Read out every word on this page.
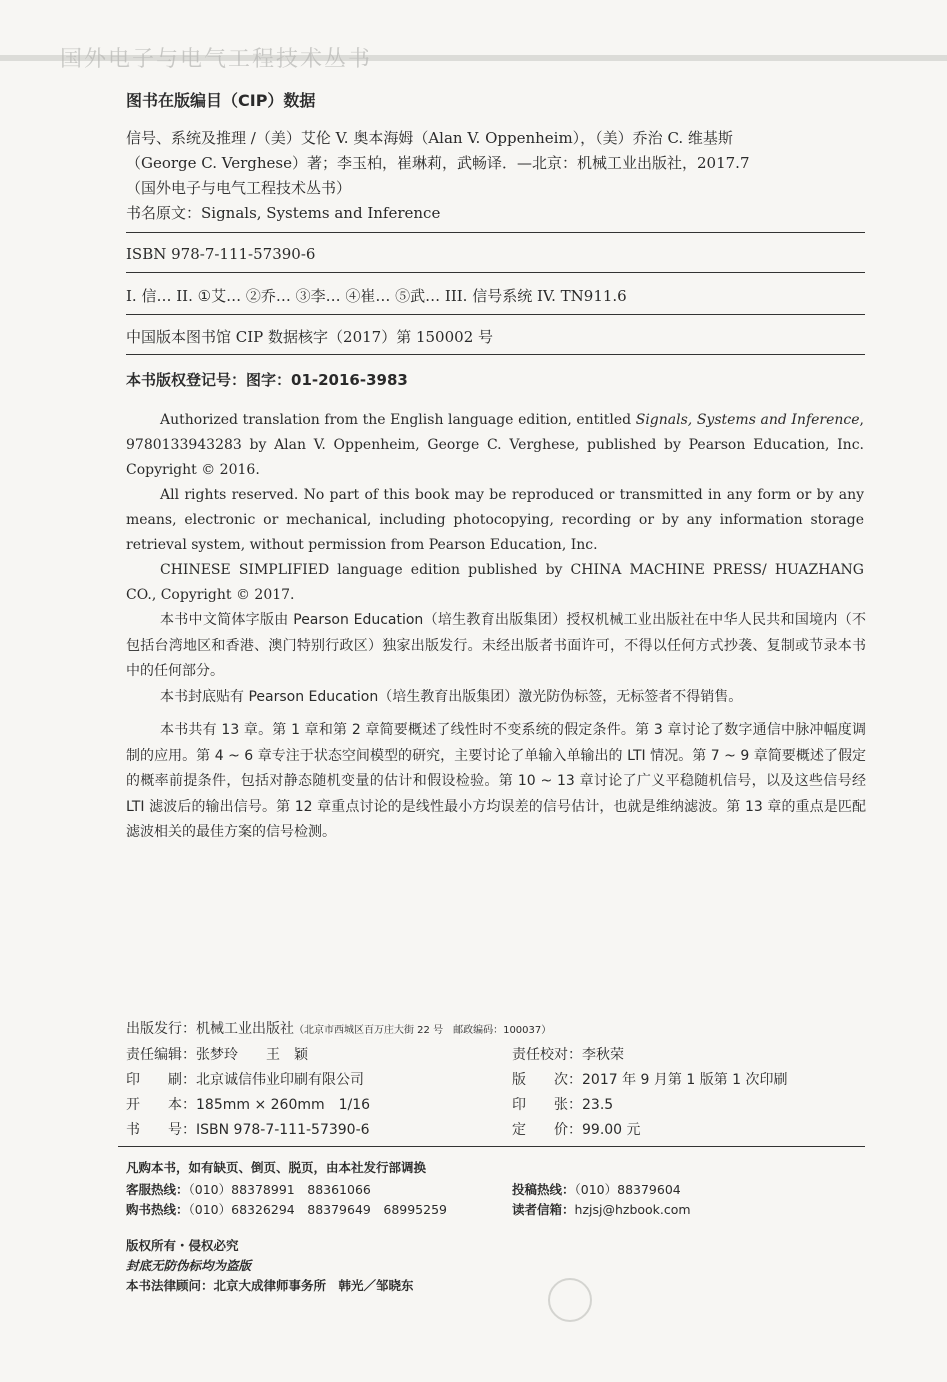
国外电子与电气工程技术丛书
图书在版编目（CIP）数据
信号、系统及推理 /（美）艾伦 V. 奥本海姆（Alan V. Oppenheim），（美）乔治 C. 维基斯
（George C. Verghese）著；李玉柏，崔琳莉，武畅译．—北京：机械工业出版社，2017.7
（国外电子与电气工程技术丛书）
书名原文：Signals, Systems and Inference
ISBN 978-7-111-57390-6
I. 信… II. ①艾… ②乔… ③李… ④崔… ⑤武… III. 信号系统 IV. TN911.6
中国版本图书馆 CIP 数据核字（2017）第 150002 号
本书版权登记号：图字：01-2016-3983

Authorized translation from the English language edition, entitled Signals, Systems and Inference, 9780133943283 by Alan V. Oppenheim, George C. Verghese, published by Pearson Education, Inc. Copyright © 2016.

All rights reserved. No part of this book may be reproduced or transmitted in any form or by any means, electronic or mechanical, including photocopying, recording or by any information storage retrieval system, without permission from Pearson Education, Inc.

CHINESE SIMPLIFIED language edition published by CHINA MACHINE PRESS/ HUAZHANG CO., Copyright © 2017.

本书中文简体字版由 Pearson Education（培生教育出版集团）授权机械工业出版社在中华人民共和国境内（不包括台湾地区和香港、澳门特别行政区）独家出版发行。未经出版者书面许可，不得以任何方式抄袭、复制或节录本书中的任何部分。

本书封底贴有 Pearson Education（培生教育出版集团）激光防伪标签，无标签者不得销售。

本书共有 13 章。第 1 章和第 2 章简要概述了线性时不变系统的假定条件。第 3 章讨论了数字通信中脉冲幅度调制的应用。第 4 ~ 6 章专注于状态空间模型的研究，主要讨论了单输入单输出的 LTI 情况。第 7 ~ 9 章简要概述了假定的概率前提条件，包括对静态随机变量的估计和假设检验。第 10 ~ 13 章讨论了广义平稳随机信号，以及这些信号经 LTI 滤波后的输出信号。第 12 章重点讨论的是线性最小方均误差的信号估计，也就是维纳滤波。第 13 章的重点是匹配滤波相关的最佳方案的信号检测。

出版发行：机械工业出版社（北京市西城区百万庄大街 22 号　邮政编码：100037）
责任编辑：张梦玲　　王　颖	责任校对：李秋荣
印　　刷：北京诚信伟业印刷有限公司	版　　次：2017 年 9 月第 1 版第 1 次印刷
开　　本：185mm × 260mm　1/16	印　　张：23.5
书　　号：ISBN 978-7-111-57390-6	定　　价：99.00 元
凡购本书，如有缺页、倒页、脱页，由本社发行部调换
客服热线：（010）88378991　88361066	投稿热线：（010）88379604
购书热线：（010）68326294　88379649　68995259	读者信箱：hzjsj@hzbook.com
版权所有・侵权必究
封底无防伪标均为盗版
本书法律顾问：北京大成律师事务所　韩光／邹晓东
